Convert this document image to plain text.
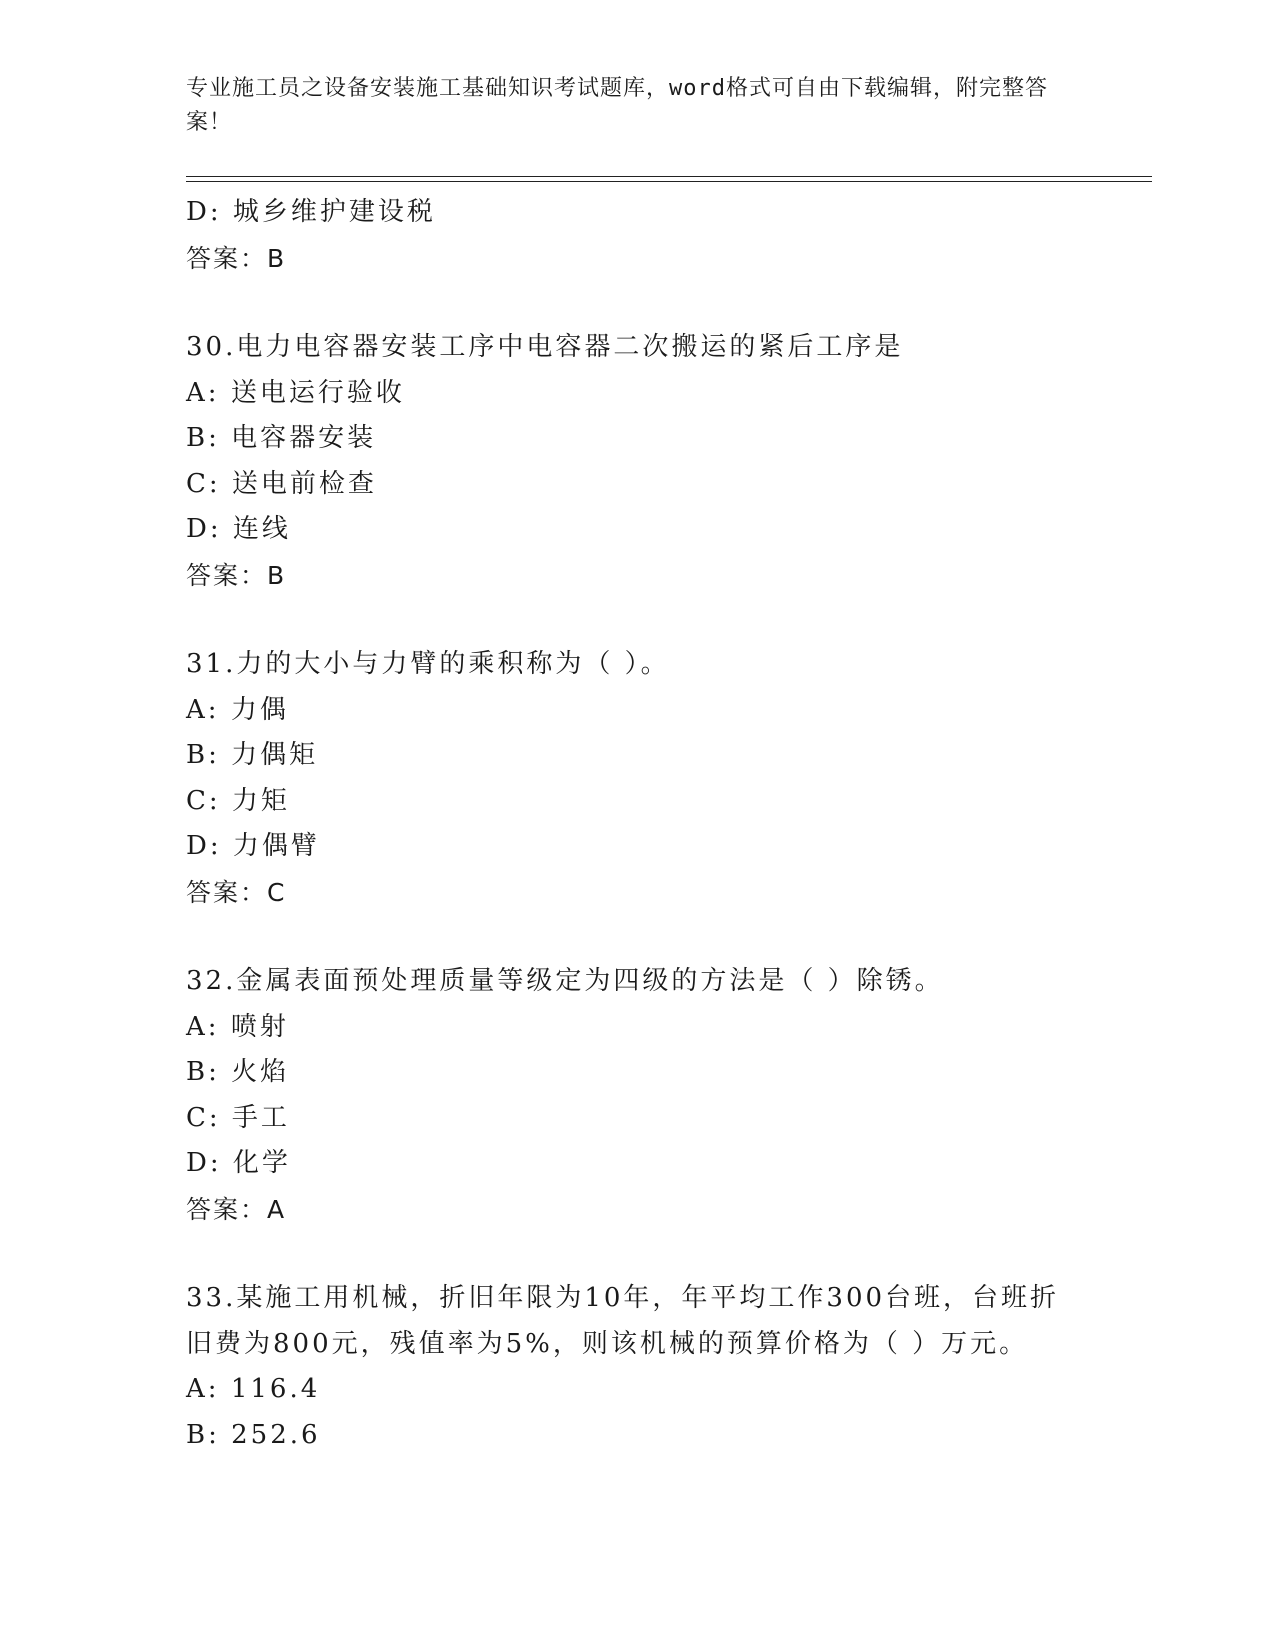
专业施工员之设备安装施工基础知识考试题库，word格式可自由下载编辑，附完整答案！
D: 城乡维护建设税
答案：B
30.电力电容器安装工序中电容器二次搬运的紧后工序是
A: 送电运行验收
B: 电容器安装
C: 送电前检查
D: 连线
答案：B
31.力的大小与力臂的乘积称为（ ）。
A: 力偶
B: 力偶矩
C: 力矩
D: 力偶臂
答案：C
32.金属表面预处理质量等级定为四级的方法是（ ）除锈。
A: 喷射
B: 火焰
C: 手工
D: 化学
答案：A
33.某施工用机械，折旧年限为10年，年平均工作300台班，台班折
旧费为800元，残值率为5%，则该机械的预算价格为（ ）万元。
A: 116.4
B: 252.6
